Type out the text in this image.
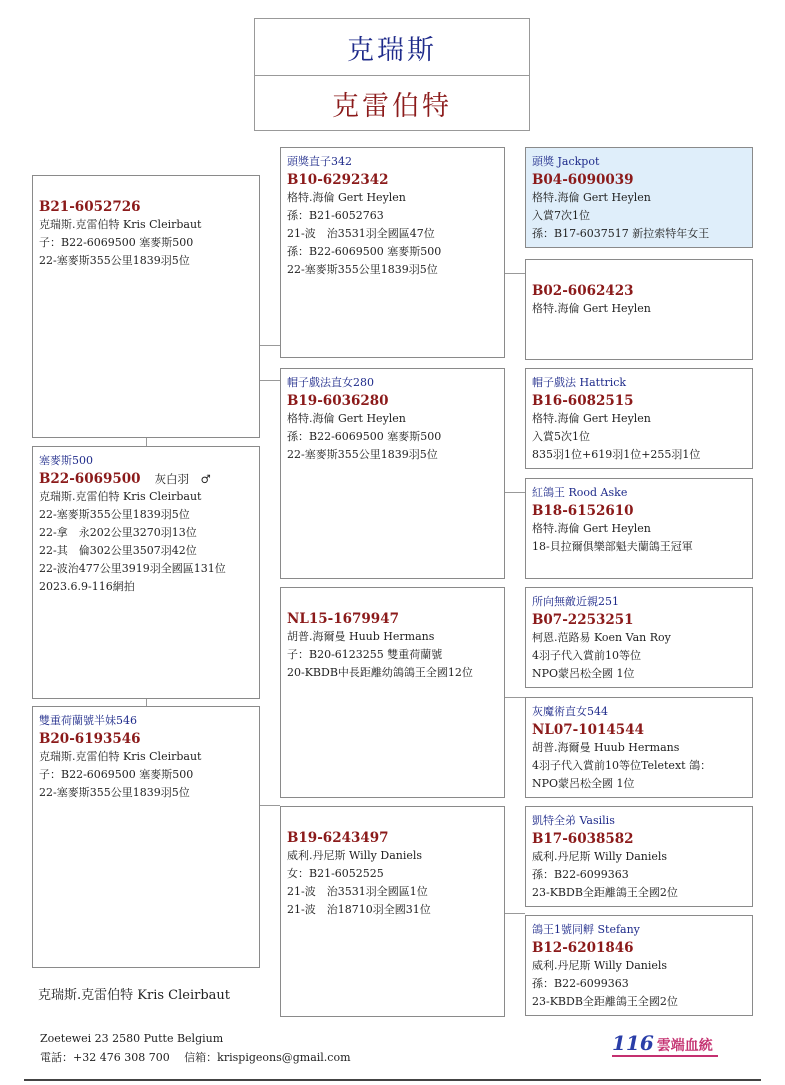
克瑞斯
克雷伯特
B21-6052726
克瑞斯.克雷伯特 Kris Cleirbaut
子：B22-6069500 塞麥斯500
22-塞麥斯355公里1839羽5位
塞麥斯500
B22-6069500 灰白羽　♂
克瑞斯.克雷伯特 Kris Cleirbaut
22-塞麥斯355公里1839羽5位
22-拿　永202公里3270羽13位
22-其　倫302公里3507羽42位
22-波治477公里3919羽全國區131位
2023.6.9-116網拍
雙重荷蘭號半妹546
B20-6193546
克瑞斯.克雷伯特 Kris Cleirbaut
子：B22-6069500 塞麥斯500
22-塞麥斯355公里1839羽5位
頭獎直子342
B10-6292342
格特.海倫 Gert Heylen
孫：B21-6052763
21-波　治3531羽全國區47位
孫：B22-6069500 塞麥斯500
22-塞麥斯355公里1839羽5位
帽子戲法直女280
B19-6036280
格特.海倫 Gert Heylen
孫：B22-6069500 塞麥斯500
22-塞麥斯355公里1839羽5位
NL15-1679947
胡普.海爾曼 Huub Hermans
子：B20-6123255 雙重荷蘭號
20-KBDB中長距離幼鴿鴿王全國12位
B19-6243497
威利.丹尼斯 Willy Daniels
女：B21-6052525
21-波　治3531羽全國區1位
21-波　治18710羽全國31位
頭獎 Jackpot
B04-6090039
格特.海倫 Gert Heylen
入賞7次1位
孫：B17-6037517 新拉索特年女王
B02-6062423
格特.海倫 Gert Heylen
帽子戲法 Hattrick
B16-6082515
格特.海倫 Gert Heylen
入賞5次1位
835羽1位+619羽1位+255羽1位
紅鴿王 Rood Aske
B18-6152610
格特.海倫 Gert Heylen
18-貝拉爾俱樂部魁夫蘭鴿王冠軍
所向無敵近親251
B07-2253251
柯恩.范路易 Koen Van Roy
4羽子代入賞前10等位
NPO蒙呂松全國 1位
灰魔術直女544
NL07-1014544
胡普.海爾曼 Huub Hermans
4羽子代入賞前10等位Teletext 鴿：
NPO蒙呂松全國 1位
凱特全弟 Vasilis
B17-6038582
威利.丹尼斯 Willy Daniels
孫：B22-6099363
23-KBDB全距離鴿王全國2位
鴿王1號同孵 Stefany
B12-6201846
威利.丹尼斯 Willy Daniels
孫：B22-6099363
23-KBDB全距離鴿王全國2位
克瑞斯.克雷伯特 Kris Cleirbaut
Zoetewei 23 2580 Putte Belgium
電話：+32 476 308 700　 信箱：krispigeons@gmail.com
116 雲端血統
